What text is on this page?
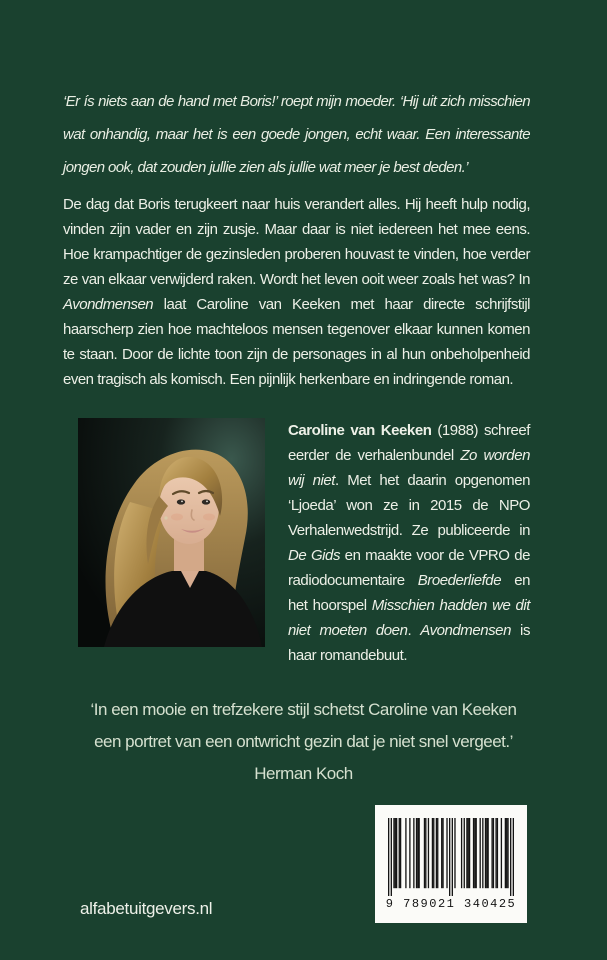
‘Er ís niets aan de hand met Boris!’ roept mijn moeder. ‘Hij uit zich misschien wat onhandig, maar het is een goede jongen, echt waar. Een interessante jongen ook, dat zouden jullie zien als jullie wat meer je best deden.’

De dag dat Boris terugkeert naar huis verandert alles. Hij heeft hulp nodig, vinden zijn vader en zijn zusje. Maar daar is niet iedereen het mee eens. Hoe krampachtiger de gezinsleden proberen houvast te vinden, hoe verder ze van elkaar verwijderd raken. Wordt het leven ooit weer zoals het was? In Avondmensen laat Caroline van Keeken met haar directe schrijfstijl haarscherp zien hoe machteloos mensen tegenover elkaar kunnen komen te staan. Door de lichte toon zijn de personages in al hun onbeholpenheid even tragisch als komisch. Een pijnlijk herkenbare en indringende roman.

Caroline van Keeken (1988) schreef eerder de verhalenbundel Zo worden wij niet. Met het daarin opgenomen ‘Ljoeda’ won ze in 2015 de NPO Verhalenwedstrijd. Ze publiceerde in De Gids en maakte voor de VPRO de radiodocumentaire Broederliefde en het hoorspel Misschien hadden we dit niet moeten doen. Avondmensen is haar romandebuut.

‘In een mooie en trefzekere stijl schetst Caroline van Keeken een portret van een ontwricht gezin dat je niet snel vergeet.’

Herman Koch

alfabetuitgevers.nl	9 789021 340425
